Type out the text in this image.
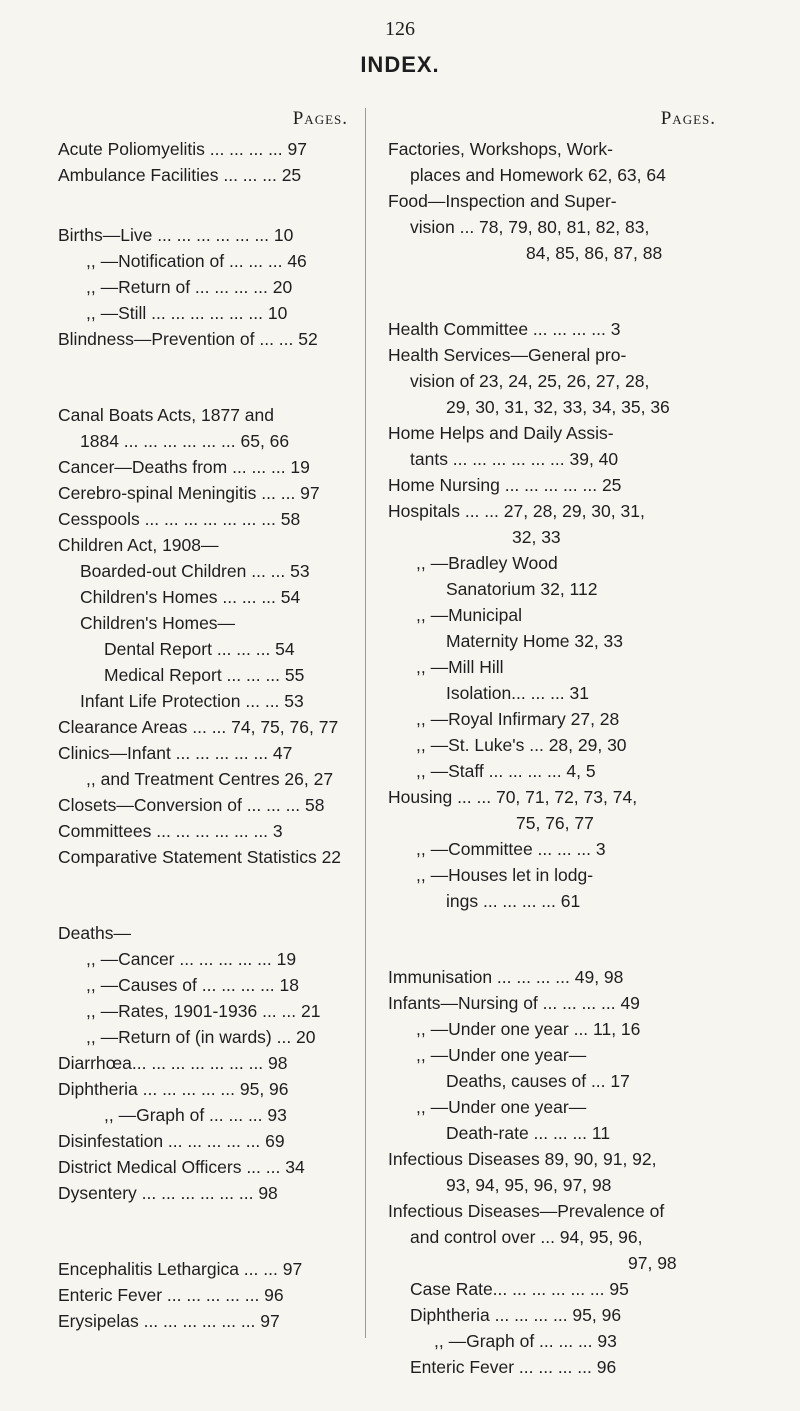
126
INDEX.
Pages.
Acute Poliomyelitis ... ... ... ... 97
Ambulance Facilities ... ... ... 25
Births—Live ... ... ... ... ... ... 10
,, —Notification of ... ... ... 46
,, —Return of ... ... ... ... 20
,, —Still ... ... ... ... ... ... 10
Blindness—Prevention of ... ... 52
Canal Boats Acts, 1877 and
1884 ... ... ... ... ... ... 65, 66
Cancer—Deaths from ... ... ... 19
Cerebro-spinal Meningitis ... ... 97
Cesspools ... ... ... ... ... ... ... 58
Children Act, 1908—
Boarded-out Children ... ... 53
Children's Homes ... ... ... 54
Children's Homes—
Dental Report ... ... ... 54
Medical Report ... ... ... 55
Infant Life Protection ... ... 53
Clearance Areas ... ... 74, 75, 76, 77
Clinics—Infant ... ... ... ... ... 47
,, and Treatment Centres 26, 27
Closets—Conversion of ... ... ... 58
Committees ... ... ... ... ... ... 3
Comparative Statement Statistics 22
Deaths—
,, —Cancer ... ... ... ... ... 19
,, —Causes of ... ... ... ... 18
,, —Rates, 1901-1936 ... ... 21
,, —Return of (in wards) ... 20
Diarrhœa... ... ... ... ... ... ... 98
Diphtheria ... ... ... ... ... 95, 96
,, —Graph of ... ... ... 93
Disinfestation ... ... ... ... ... 69
District Medical Officers ... ... 34
Dysentery ... ... ... ... ... ... 98
Encephalitis Lethargica ... ... 97
Enteric Fever ... ... ... ... ... 96
Erysipelas ... ... ... ... ... ... 97
Pages.
Factories, Workshops, Work-
places and Homework 62, 63, 64
Food—Inspection and Super-
vision ... 78, 79, 80, 81, 82, 83,
84, 85, 86, 87, 88
Health Committee ... ... ... ... 3
Health Services—General pro-
vision of 23, 24, 25, 26, 27, 28,
29, 30, 31, 32, 33, 34, 35, 36
Home Helps and Daily Assis-
tants ... ... ... ... ... ... 39, 40
Home Nursing ... ... ... ... ... 25
Hospitals ... ... 27, 28, 29, 30, 31,
32, 33
,, —Bradley Wood
Sanatorium 32, 112
,, —Municipal
Maternity Home 32, 33
,, —Mill Hill
Isolation... ... ... 31
,, —Royal Infirmary 27, 28
,, —St. Luke's ... 28, 29, 30
,, —Staff ... ... ... ... 4, 5
Housing ... ... 70, 71, 72, 73, 74,
75, 76, 77
,, —Committee ... ... ... 3
,, —Houses let in lodg-
ings ... ... ... ... 61
Immunisation ... ... ... ... 49, 98
Infants—Nursing of ... ... ... ... 49
,, —Under one year ... 11, 16
,, —Under one year—
Deaths, causes of ... 17
,, —Under one year—
Death-rate ... ... ... 11
Infectious Diseases 89, 90, 91, 92,
93, 94, 95, 96, 97, 98
Infectious Diseases—Prevalence of
and control over ... 94, 95, 96,
97, 98
Case Rate... ... ... ... ... ... 95
Diphtheria ... ... ... ... 95, 96
,, —Graph of ... ... ... 93
Enteric Fever ... ... ... ... 96
